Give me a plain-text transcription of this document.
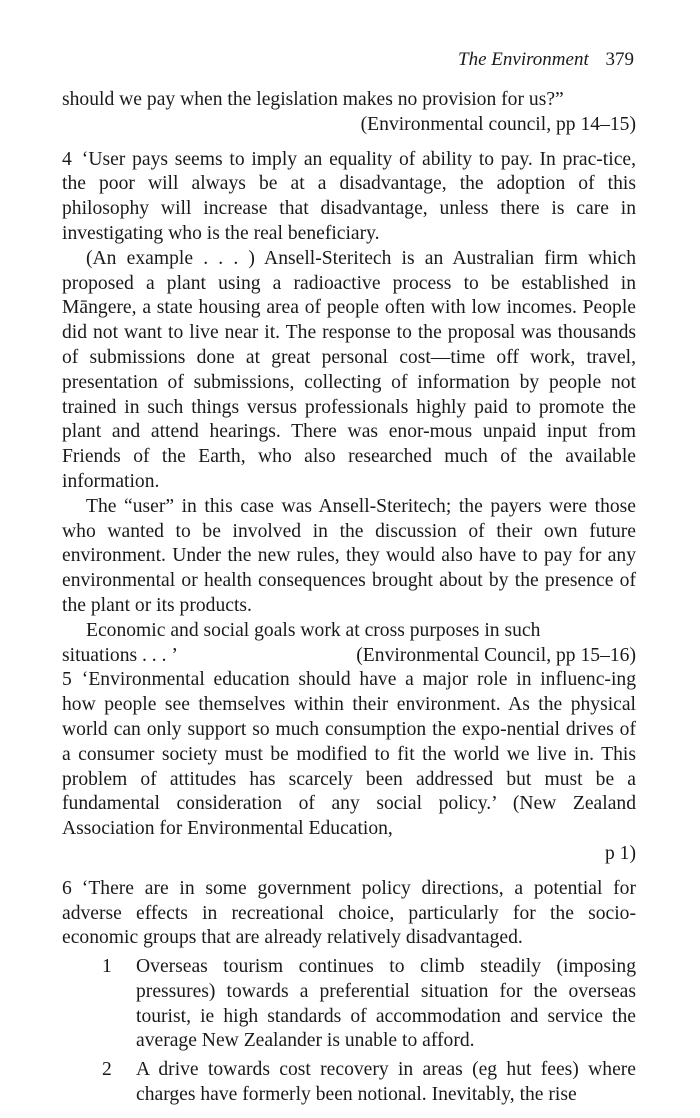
The Environment 379

should we pay when the legislation makes no provision for us?”
(Environmental council, pp 14–15)

4 ‘User pays seems to imply an equality of ability to pay. In prac-tice, the poor will always be at a disadvantage, the adoption of this philosophy will increase that disadvantage, unless there is care in investigating who is the real beneficiary.

(An example . . . ) Ansell-Steritech is an Australian firm which proposed a plant using a radioactive process to be established in Māngere, a state housing area of people often with low incomes. People did not want to live near it. The response to the proposal was thousands of submissions done at great personal cost—time off work, travel, presentation of submissions, collecting of information by people not trained in such things versus professionals highly paid to promote the plant and attend hearings. There was enor-mous unpaid input from Friends of the Earth, who also researched much of the available information.

The “user” in this case was Ansell-Steritech; the payers were those who wanted to be involved in the discussion of their own future environment. Under the new rules, they would also have to pay for any environmental or health consequences brought about by the presence of the plant or its products.

Economic and social goals work at cross purposes in such

situations . . . ’	(Environmental Council, pp 15–16)

5 ‘Environmental education should have a major role in influenc-ing how people see themselves within their environment. As the physical world can only support so much consumption the expo-nential drives of a consumer society must be modified to fit the world we live in. This problem of attitudes has scarcely been addressed but must be a fundamental consideration of any social policy.’ (New Zealand Association for Environmental Education,
p 1)

6 ‘There are in some government policy directions, a potential for adverse effects in recreational choice, particularly for the socio-economic groups that are already relatively disadvantaged.

1	Overseas tourism continues to climb steadily (imposing pressures) towards a preferential situation for the overseas tourist, ie high standards of accommodation and service the average New Zealander is unable to afford.
2	A drive towards cost recovery in areas (eg hut fees) where charges have formerly been notional. Inevitably, the rise
